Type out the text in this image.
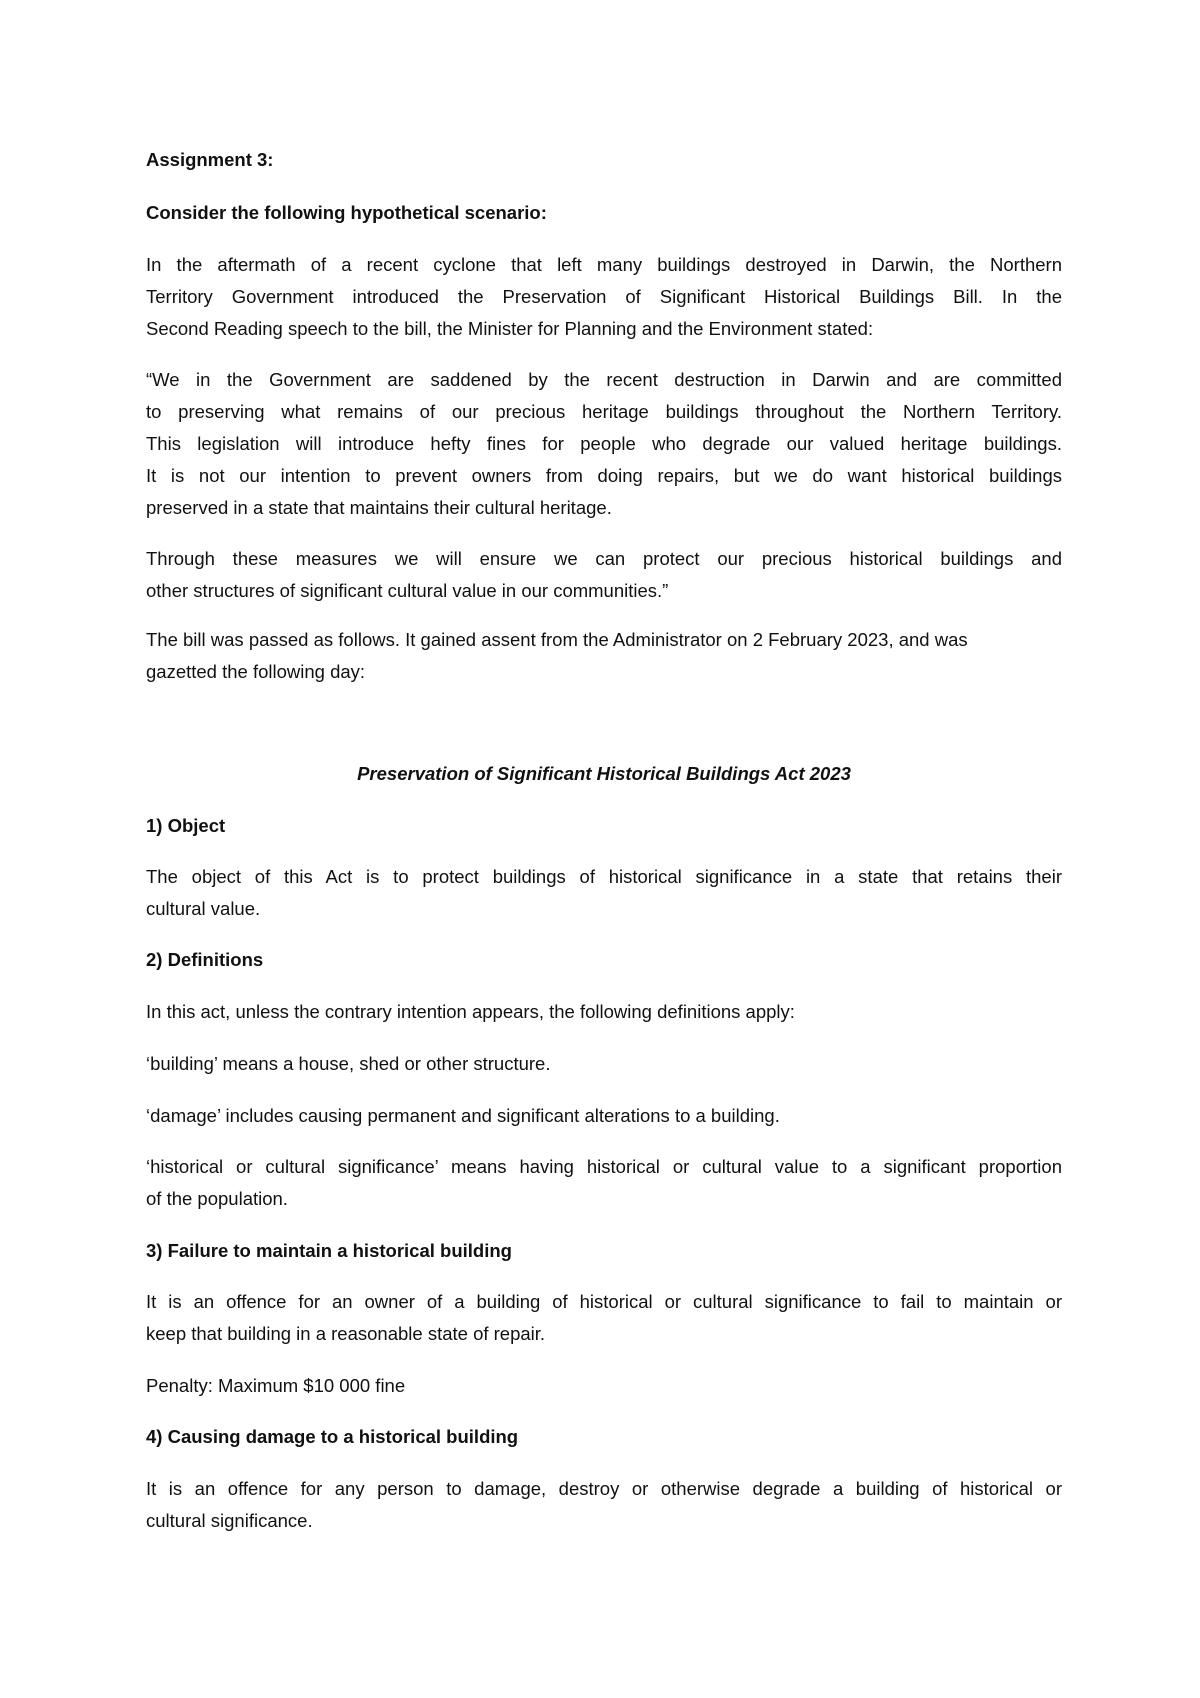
Assignment 3:

Consider the following hypothetical scenario:

In the aftermath of a recent cyclone that left many buildings destroyed in Darwin, the Northern

Territory Government introduced the Preservation of Significant Historical Buildings Bill. In the

Second Reading speech to the bill, the Minister for Planning and the Environment stated:

“We in the Government are saddened by the recent destruction in Darwin and are committed

to preserving what remains of our precious heritage buildings throughout the Northern Territory.

This legislation will introduce hefty fines for people who degrade our valued heritage buildings.

It is not our intention to prevent owners from doing repairs, but we do want historical buildings

preserved in a state that maintains their cultural heritage.

Through these measures we will ensure we can protect our precious historical buildings and

other structures of significant cultural value in our communities.”

The bill was passed as follows. It gained assent from the Administrator on 2 February 2023, and was

gazetted the following day:

Preservation of Significant Historical Buildings Act 2023

1) Object

The object of this Act is to protect buildings of historical significance in a state that retains their

cultural value.

2) Definitions

In this act, unless the contrary intention appears, the following definitions apply:

‘building’ means a house, shed or other structure.

‘damage’ includes causing permanent and significant alterations to a building.

‘historical or cultural significance’ means having historical or cultural value to a significant proportion

of the population.

3) Failure to maintain a historical building

It is an offence for an owner of a building of historical or cultural significance to fail to maintain or

keep that building in a reasonable state of repair.

Penalty: Maximum $10 000 fine

4) Causing damage to a historical building

It is an offence for any person to damage, destroy or otherwise degrade a building of historical or

cultural significance.
